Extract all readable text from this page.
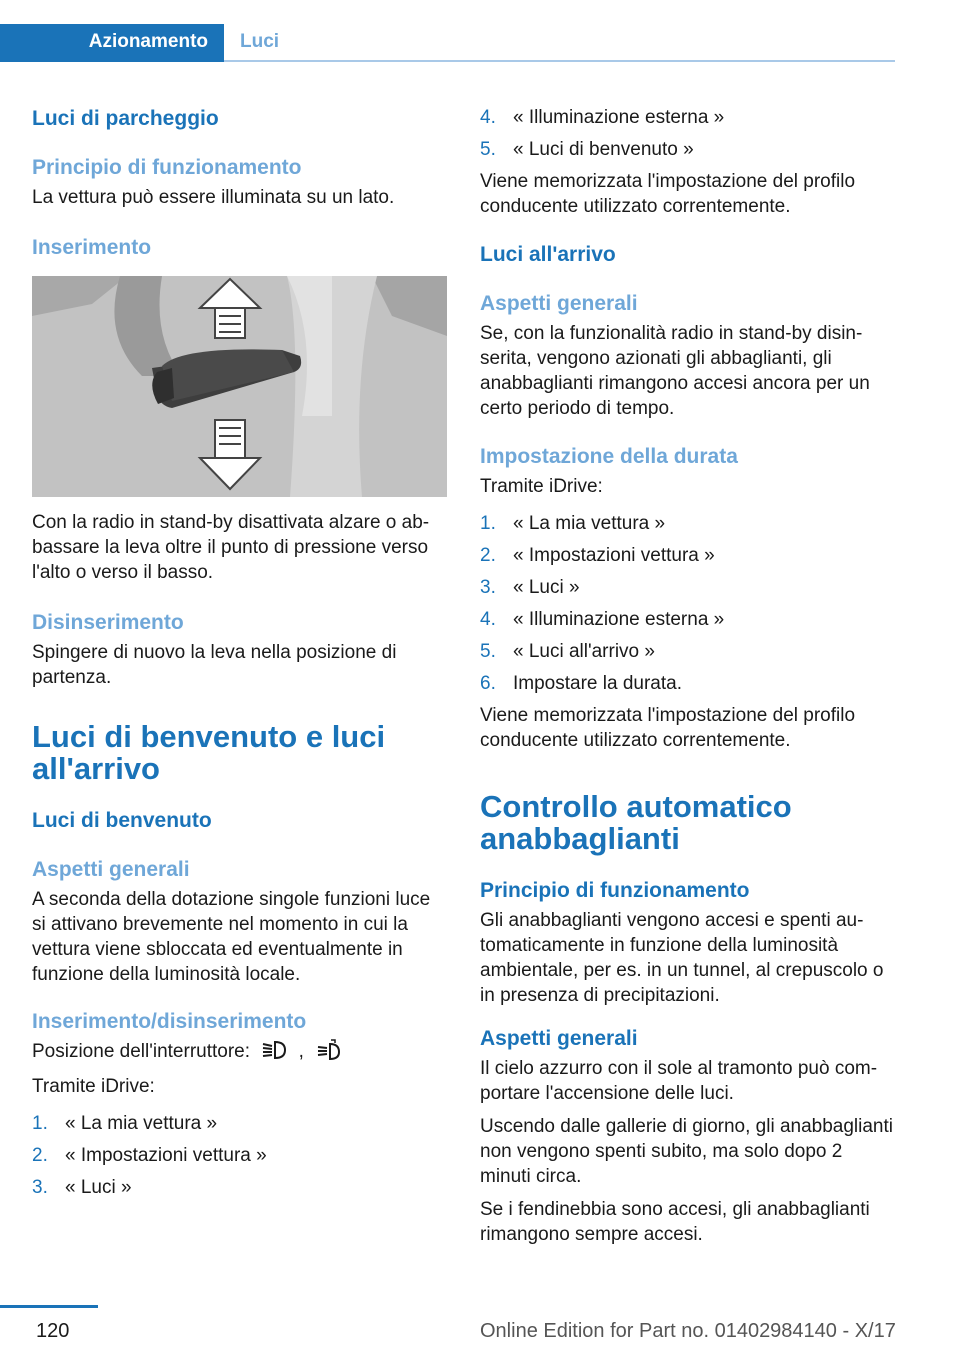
Azionamento Luci
Luci di parcheggio
Principio di funzionamento
La vettura può essere illuminata su un lato.
Inserimento
Con la radio in stand-by disattivata alzare o abbassare la leva oltre il punto di pressione verso l'alto o verso il basso.
Disinserimento
Spingere di nuovo la leva nella posizione di partenza.
Luci di benvenuto e luci all'arrivo
Luci di benvenuto
Aspetti generali
A seconda della dotazione singole funzioni luce si attivano brevemente nel momento in cui la vettura viene sbloccata ed eventualmente in funzione della luminosità locale.
Inserimento/disinserimento
Posizione dell'interruttore:	,
Tramite iDrive:
1. « La mia vettura »
2. « Impostazioni vettura »
3. « Luci »
4. « Illuminazione esterna »
5. « Luci di benvenuto »
Viene memorizzata l'impostazione del profilo conducente utilizzato correntemente.
Luci all'arrivo
Aspetti generali
Se, con la funzionalità radio in stand-by disinserita, vengono azionati gli abbaglianti, gli anabbaglianti rimangono accesi ancora per un certo periodo di tempo.
Impostazione della durata
Tramite iDrive:
1. « La mia vettura »
2. « Impostazioni vettura »
3. « Luci »
4. « Illuminazione esterna »
5. « Luci all'arrivo »
6. Impostare la durata.
Viene memorizzata l'impostazione del profilo conducente utilizzato correntemente.
Controllo automatico anabbaglianti
Principio di funzionamento
Gli anabbaglianti vengono accesi e spenti automaticamente in funzione della luminosità ambientale, per es. in un tunnel, al crepuscolo o in presenza di precipitazioni.
Aspetti generali
Il cielo azzurro con il sole al tramonto può comportare l'accensione delle luci.
Uscendo dalle gallerie di giorno, gli anabbaglianti non vengono spenti subito, ma solo dopo 2 minuti circa.
Se i fendinebbia sono accesi, gli anabbaglianti rimangono sempre accesi.
120	Online Edition for Part no. 01402984140 - X/17
